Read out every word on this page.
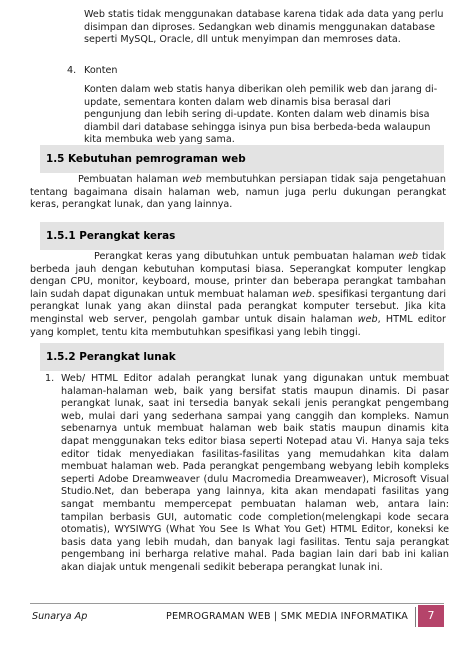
Web statis tidak menggunakan database karena tidak ada data yang perlu disimpan dan diproses. Sedangkan web dinamis menggunakan database seperti MySQL, Oracle, dll untuk menyimpan dan memroses data.

4. Konten

Konten dalam web statis hanya diberikan oleh pemilik web dan jarang di-update, sementara konten dalam web dinamis bisa berasal dari pengunjung dan lebih sering di-update. Konten dalam web dinamis bisa diambil dari database sehingga isinya pun bisa berbeda-beda walaupun kita membuka web yang sama.

1.5 Kebutuhan pemrograman web

Pembuatan halaman web membutuhkan persiapan tidak saja pengetahuan tentang bagaimana disain halaman web, namun juga perlu dukungan perangkat keras, perangkat lunak, dan yang lainnya.

1.5.1 Perangkat keras

Perangkat keras yang dibutuhkan untuk pembuatan halaman web tidak berbeda jauh dengan kebutuhan komputasi biasa. Seperangkat komputer lengkap dengan CPU, monitor, keyboard, mouse, printer dan beberapa perangkat tambahan lain sudah dapat digunakan untuk membuat halaman web. spesifikasi tergantung dari perangkat lunak yang akan diinstal pada perangkat komputer tersebut. Jika kita menginstal web server, pengolah gambar untuk disain halaman web, HTML editor yang komplet, tentu kita membutuhkan spesifikasi yang lebih tinggi.

1.5.2 Perangkat lunak
1. Web/ HTML Editor adalah perangkat lunak yang digunakan untuk membuat halaman-halaman web, baik yang bersifat statis maupun dinamis. Di pasar perangkat lunak, saat ini tersedia banyak sekali jenis perangkat pengembang web, mulai dari yang sederhana sampai yang canggih dan kompleks. Namun sebenarnya untuk membuat halaman web baik statis maupun dinamis kita dapat menggunakan teks editor biasa seperti Notepad atau Vi. Hanya saja teks editor tidak menyediakan fasilitas-fasilitas yang memudahkan kita dalam membuat halaman web. Pada perangkat pengembang webyang lebih kompleks seperti Adobe Dreamweaver (dulu Macromedia Dreamweaver), Microsoft Visual Studio.Net, dan beberapa yang lainnya, kita akan mendapati fasilitas yang sangat membantu mempercepat pembuatan halaman web, antara lain: tampilan berbasis GUI, automatic code completion(melengkapi kode secara otomatis), WYSIWYG (What You See Is What You Get) HTML Editor, koneksi ke basis data yang lebih mudah, dan banyak lagi fasilitas. Tentu saja perangkat pengembang ini berharga relative mahal. Pada bagian lain dari bab ini kalian akan diajak untuk mengenali sedikit beberapa perangkat lunak ini.

Sunarya Ap	PEMROGRAMAN WEB | SMK MEDIA INFORMATIKA	7
